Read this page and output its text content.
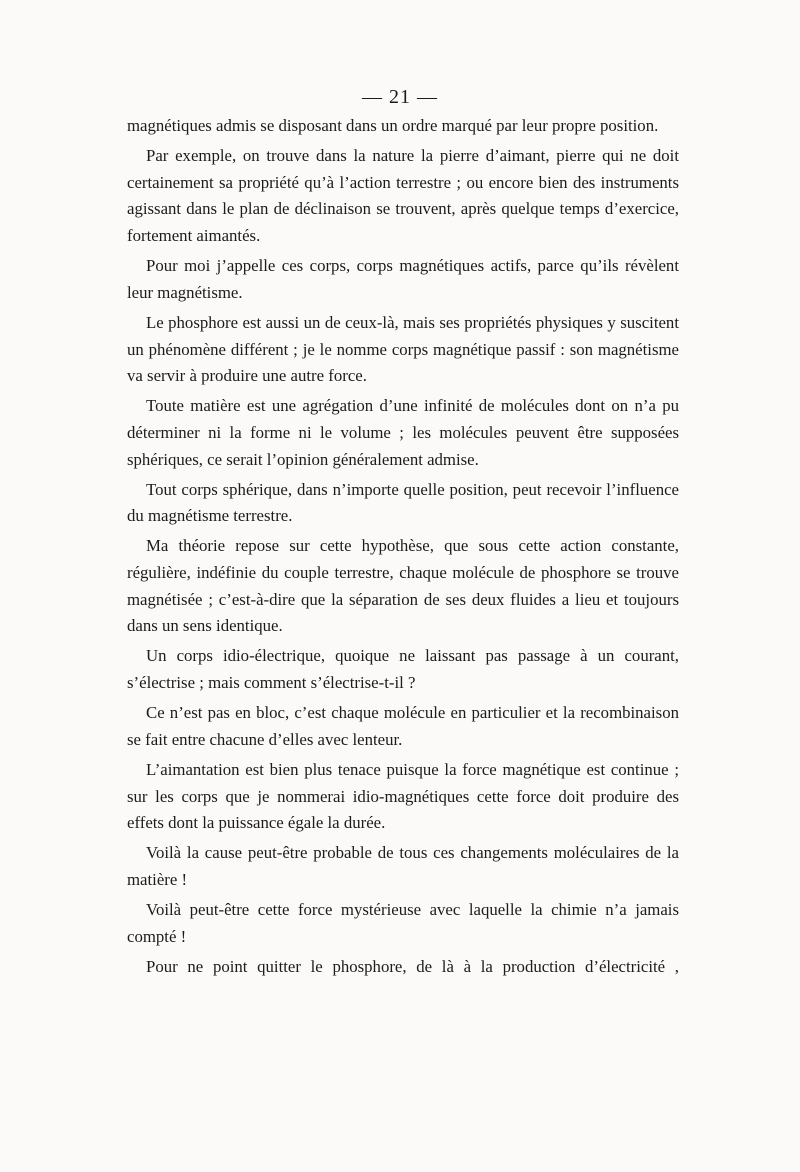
— 21 —

magnétiques admis se disposant dans un ordre marqué par leur propre position.

Par exemple, on trouve dans la nature la pierre d’aimant, pierre qui ne doit certainement sa propriété qu’à l’action terrestre ; ou encore bien des instruments agissant dans le plan de déclinaison se trouvent, après quelque temps d’exercice, fortement aimantés.

Pour moi j’appelle ces corps, corps magnétiques actifs, parce qu’ils révèlent leur magnétisme.

Le phosphore est aussi un de ceux-là, mais ses propriétés physiques y suscitent un phénomène différent ; je le nomme corps magnétique passif : son magnétisme va servir à produire une autre force.

Toute matière est une agrégation d’une infinité de molécules dont on n’a pu déterminer ni la forme ni le volume ; les molécules peuvent être supposées sphériques, ce serait l’opinion généralement admise.

Tout corps sphérique, dans n’importe quelle position, peut recevoir l’influence du magnétisme terrestre.

Ma théorie repose sur cette hypothèse, que sous cette action constante, régulière, indéfinie du couple terrestre, chaque molécule de phosphore se trouve magnétisée ; c’est-à-dire que la séparation de ses deux fluides a lieu et toujours dans un sens identique.

Un corps idio-électrique, quoique ne laissant pas passage à un courant, s’électrise ; mais comment s’électrise-t-il ?

Ce n’est pas en bloc, c’est chaque molécule en particulier et la recombinaison se fait entre chacune d’elles avec lenteur.

L’aimantation est bien plus tenace puisque la force magnétique est continue ; sur les corps que je nommerai idio-magnétiques cette force doit produire des effets dont la puissance égale la durée.

Voilà la cause peut-être probable de tous ces changements moléculaires de la matière !

Voilà peut-être cette force mystérieuse avec laquelle la chimie n’a jamais compté !

Pour ne point quitter le phosphore, de là à la production d’électricité ,
